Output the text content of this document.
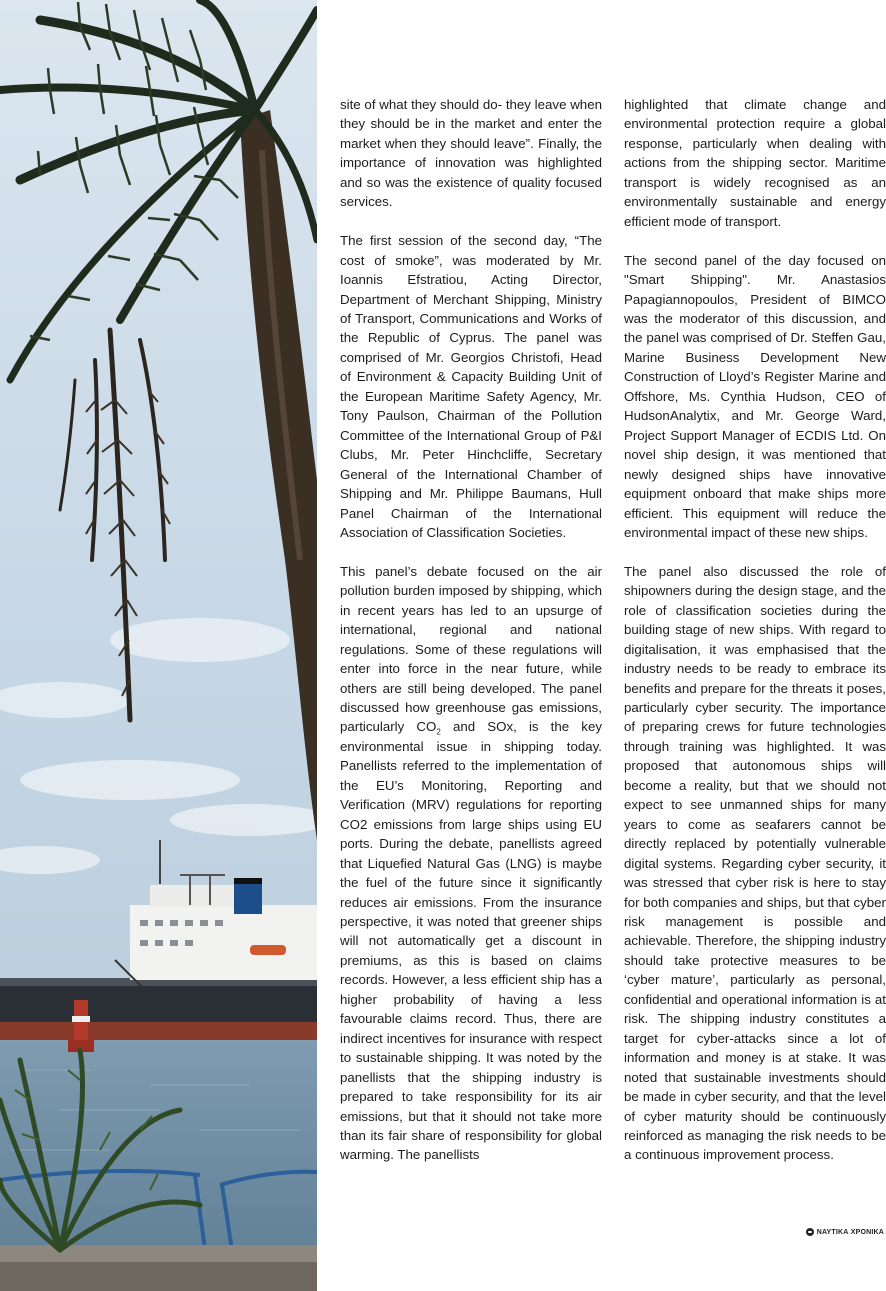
site of what they should do- they leave when they should be in the market and enter the market when they should leave”. Finally, the importance of innovation was highlighted and so was the existence of quality focused services.

The first session of the second day, “The cost of smoke”, was moderated by Mr. Ioannis Efstratiou, Acting Director, Department of Merchant Shipping, Ministry of Transport, Communications and Works of the Republic of Cyprus. The panel was comprised of Mr. Georgios Christofi, Head of Environment & Capacity Building Unit of the European Maritime Safety Agency, Mr. Tony Paulson, Chairman of the Pollution Committee of the International Group of P&I Clubs, Mr. Peter Hinchcliffe, Secretary General of the International Chamber of Shipping and Mr. Philippe Baumans, Hull Panel Chairman of the International Association of Classification Societies.

This panel’s debate focused on the air pollution burden imposed by shipping, which in recent years has led to an upsurge of international, regional and national regulations. Some of these regulations will enter into force in the near future, while others are still being developed. The panel discussed how greenhouse gas emissions, particularly $CO_2$ and SOx, is the key environmental issue in shipping today. Panellists referred to the implementation of the EU’s Monitoring, Reporting and Verification (MRV) regulations for reporting CO2 emissions from large ships using EU ports. During the debate, panellists agreed that Liquefied Natural Gas (LNG) is maybe the fuel of the future since it significantly reduces air emissions. From the insurance perspective, it was noted that greener ships will not automatically get a discount in premiums, as this is based on claims records. However, a less efficient ship has a higher probability of having a less favourable claims record. Thus, there are indirect incentives for insurance with respect to sustainable shipping. It was noted by the panellists that the shipping industry is prepared to take responsibility for its air emissions, but that it should not take more than its fair share of responsibility for global warming. The panellists

highlighted that climate change and environmental protection require a global response, particularly when dealing with actions from the shipping sector. Maritime transport is widely recognised as an environmentally sustainable and energy efficient mode of transport.

The second panel of the day focused on "Smart Shipping". Mr. Anastasios Papagiannopoulos, President of BIMCO was the moderator of this discussion, and the panel was comprised of Dr. Steffen Gau, Marine Business Development New Construction of Lloyd’s Register Marine and Offshore, Ms. Cynthia Hudson, CEO of HudsonAnalytix, and Mr. George Ward, Project Support Manager of ECDIS Ltd. On novel ship design, it was mentioned that newly designed ships have innovative equipment onboard that make ships more efficient. This equipment will reduce the environmental impact of these new ships.

The panel also discussed the role of shipowners during the design stage, and the role of classification societies during the building stage of new ships. With regard to digitalisation, it was emphasised that the industry needs to be ready to embrace its benefits and prepare for the threats it poses, particularly cyber security. The importance of preparing crews for future technologies through training was highlighted. It was proposed that autonomous ships will become a reality, but that we should not expect to see unmanned ships for many years to come as seafarers cannot be directly replaced by potentially vulnerable digital systems. Regarding cyber security, it was stressed that cyber risk is here to stay for both companies and ships, but that cyber risk management is possible and achievable. Therefore, the shipping industry should take protective measures to be ‘cyber mature’, particularly as personal, confidential and operational information is at risk. The shipping industry constitutes a target for cyber-attacks since a lot of information and money is at stake. It was noted that sustainable investments should be made in cyber security, and that the level of cyber maturity should be continuously reinforced as managing the risk needs to be a continuous improvement process.

ΝΑΥΤΙΚΑ ΧΡΟΝΙΚΑ
